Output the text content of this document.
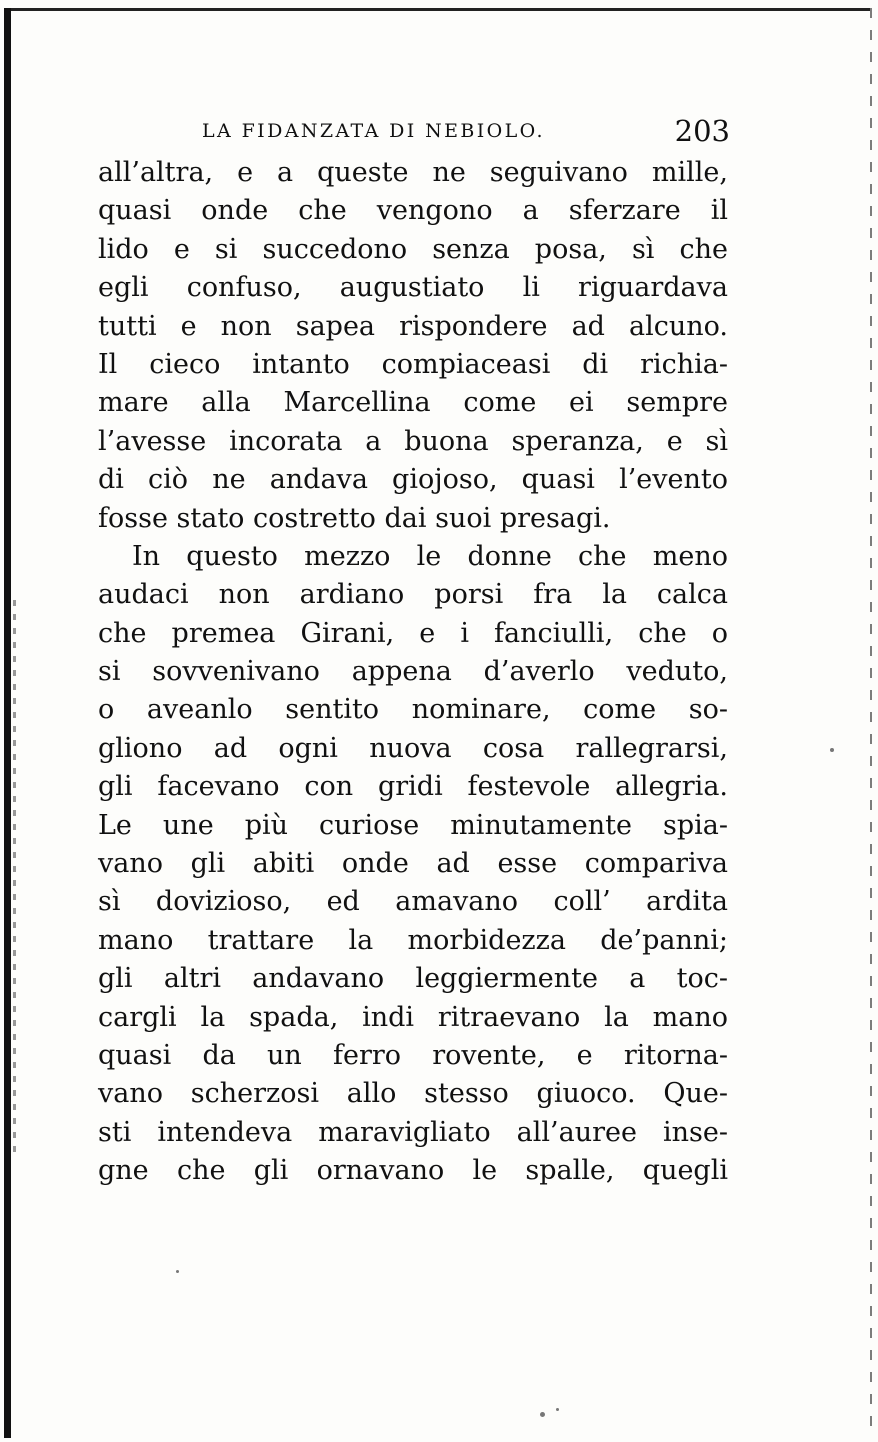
LA FIDANZATA DI NEBIOLO.	203
all’altra, e a queste ne seguivano mille,
quasi onde che vengono a sferzare il
lido e si succedono senza posa, sì che
egli confuso, augustiato li riguardava
tutti e non sapea rispondere ad alcuno.
Il cieco intanto compiaceasi di richia-
mare alla Marcellina come ei sempre
l’avesse incorata a buona speranza, e sì
di ciò ne andava giojoso, quasi l’evento
fosse stato costretto dai suoi presagi.
In questo mezzo le donne che meno
audaci non ardiano porsi fra la calca
che premea Girani, e i fanciulli, che o
si sovvenivano appena d’averlo veduto,
o aveanlo sentito nominare, come so-
gliono ad ogni nuova cosa rallegrarsi,
gli facevano con gridi festevole allegria.
Le une più curiose minutamente spia-
vano gli abiti onde ad esse compariva
sì dovizioso, ed amavano coll’ ardita
mano trattare la morbidezza de’panni;
gli altri andavano leggiermente a toc-
cargli la spada, indi ritraevano la mano
quasi da un ferro rovente, e ritorna-
vano scherzosi allo stesso giuoco. Que-
sti intendeva maravigliato all’auree inse-
gne che gli ornavano le spalle, quegli
